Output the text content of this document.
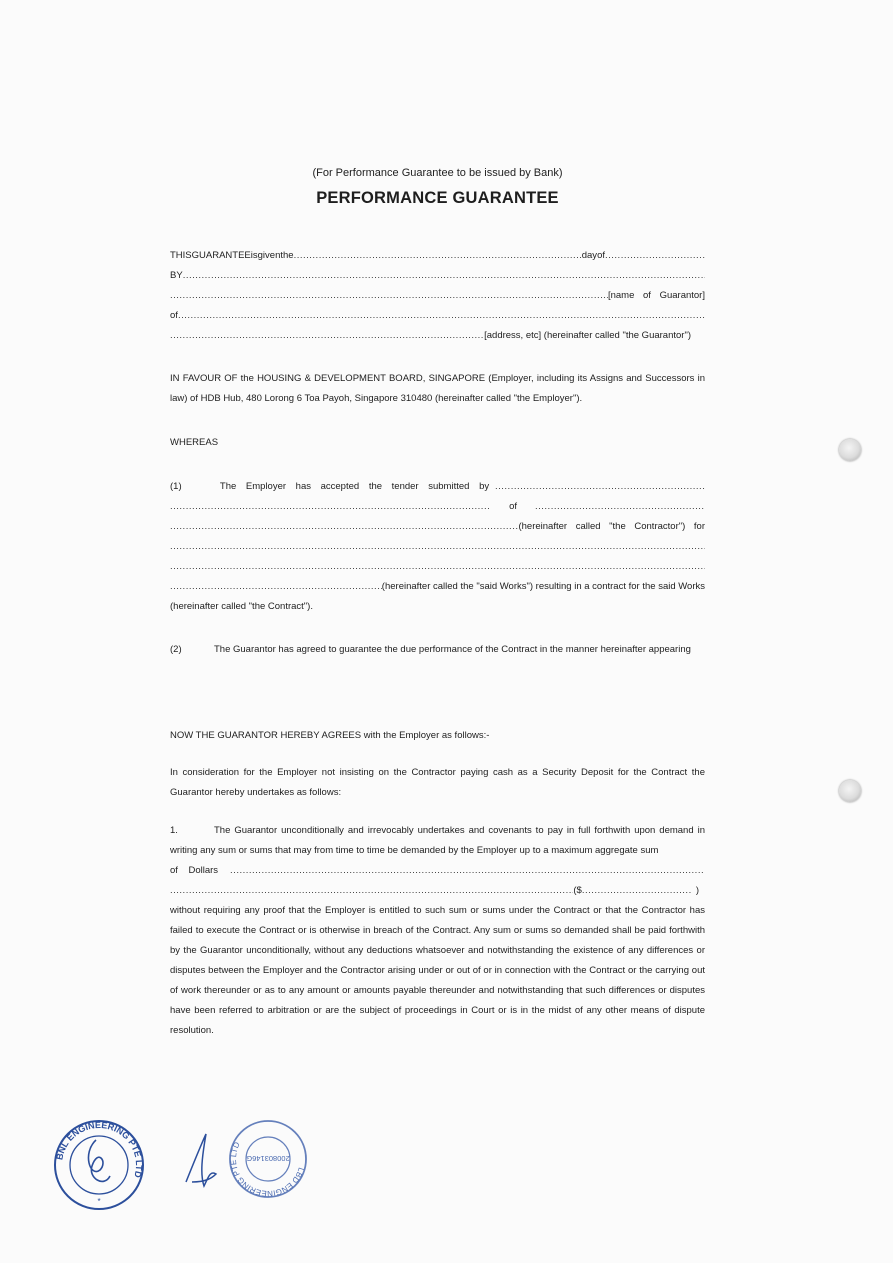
(For Performance Guarantee to be issued by Bank)
PERFORMANCE GUARANTEE
THIS GUARANTEE is given the .....	day of
.....
BY
.....
.....
[name of Guarantor]
of
.....
.....
[address, etc] (hereinafter called "the Guarantor")
IN FAVOUR OF the HOUSING & DEVELOPMENT BOARD, SINGAPORE (Employer, including its Assigns and Successors in law) of HDB Hub, 480 Lorong 6 Toa Payoh, Singapore 310480 (hereinafter called "the Employer").
WHEREAS
(1)	The Employer has accepted the tender submitted by
.....
.....
of
.....
.....
(hereinafter called "the Contractor") for
.....
.....
.....
(hereinafter called the "said Works") resulting in a contract for the said Works
(hereinafter called "the Contract").
(2)	The Guarantor has agreed to guarantee the due performance of the Contract in the manner hereinafter appearing
NOW THE GUARANTOR HEREBY AGREES with the Employer as follows:-
In consideration for the Employer not insisting on the Contractor paying cash as a Security Deposit for the Contract the Guarantor hereby undertakes as follows:
1.	The Guarantor unconditionally and irrevocably undertakes and covenants to pay in full forthwith upon demand in writing any sum or sums that may from time to time be demanded by the Employer up to a maximum aggregate sum
of    Dollars
.....
.....
($ .....	)
without requiring any proof that the Employer is entitled to such sum or sums under the Contract or that the Contractor has failed to execute the Contract or is otherwise in breach of the Contract. Any sum or sums so demanded shall be paid forthwith by the Guarantor unconditionally, without any deductions whatsoever and notwithstanding the existence of any differences or disputes between the Employer and the Contractor arising under or out of or in connection with the Contract or the carrying out of work thereunder or as to any amount or amounts payable thereunder and notwithstanding that such differences or disputes have been referred to arbitration or are the subject of proceedings in Court or is in the midst of any other means of dispute resolution.
BNL ENGINEERING PTE LTD
*
LBD ENGINEERING PTE LTD
200803146G
